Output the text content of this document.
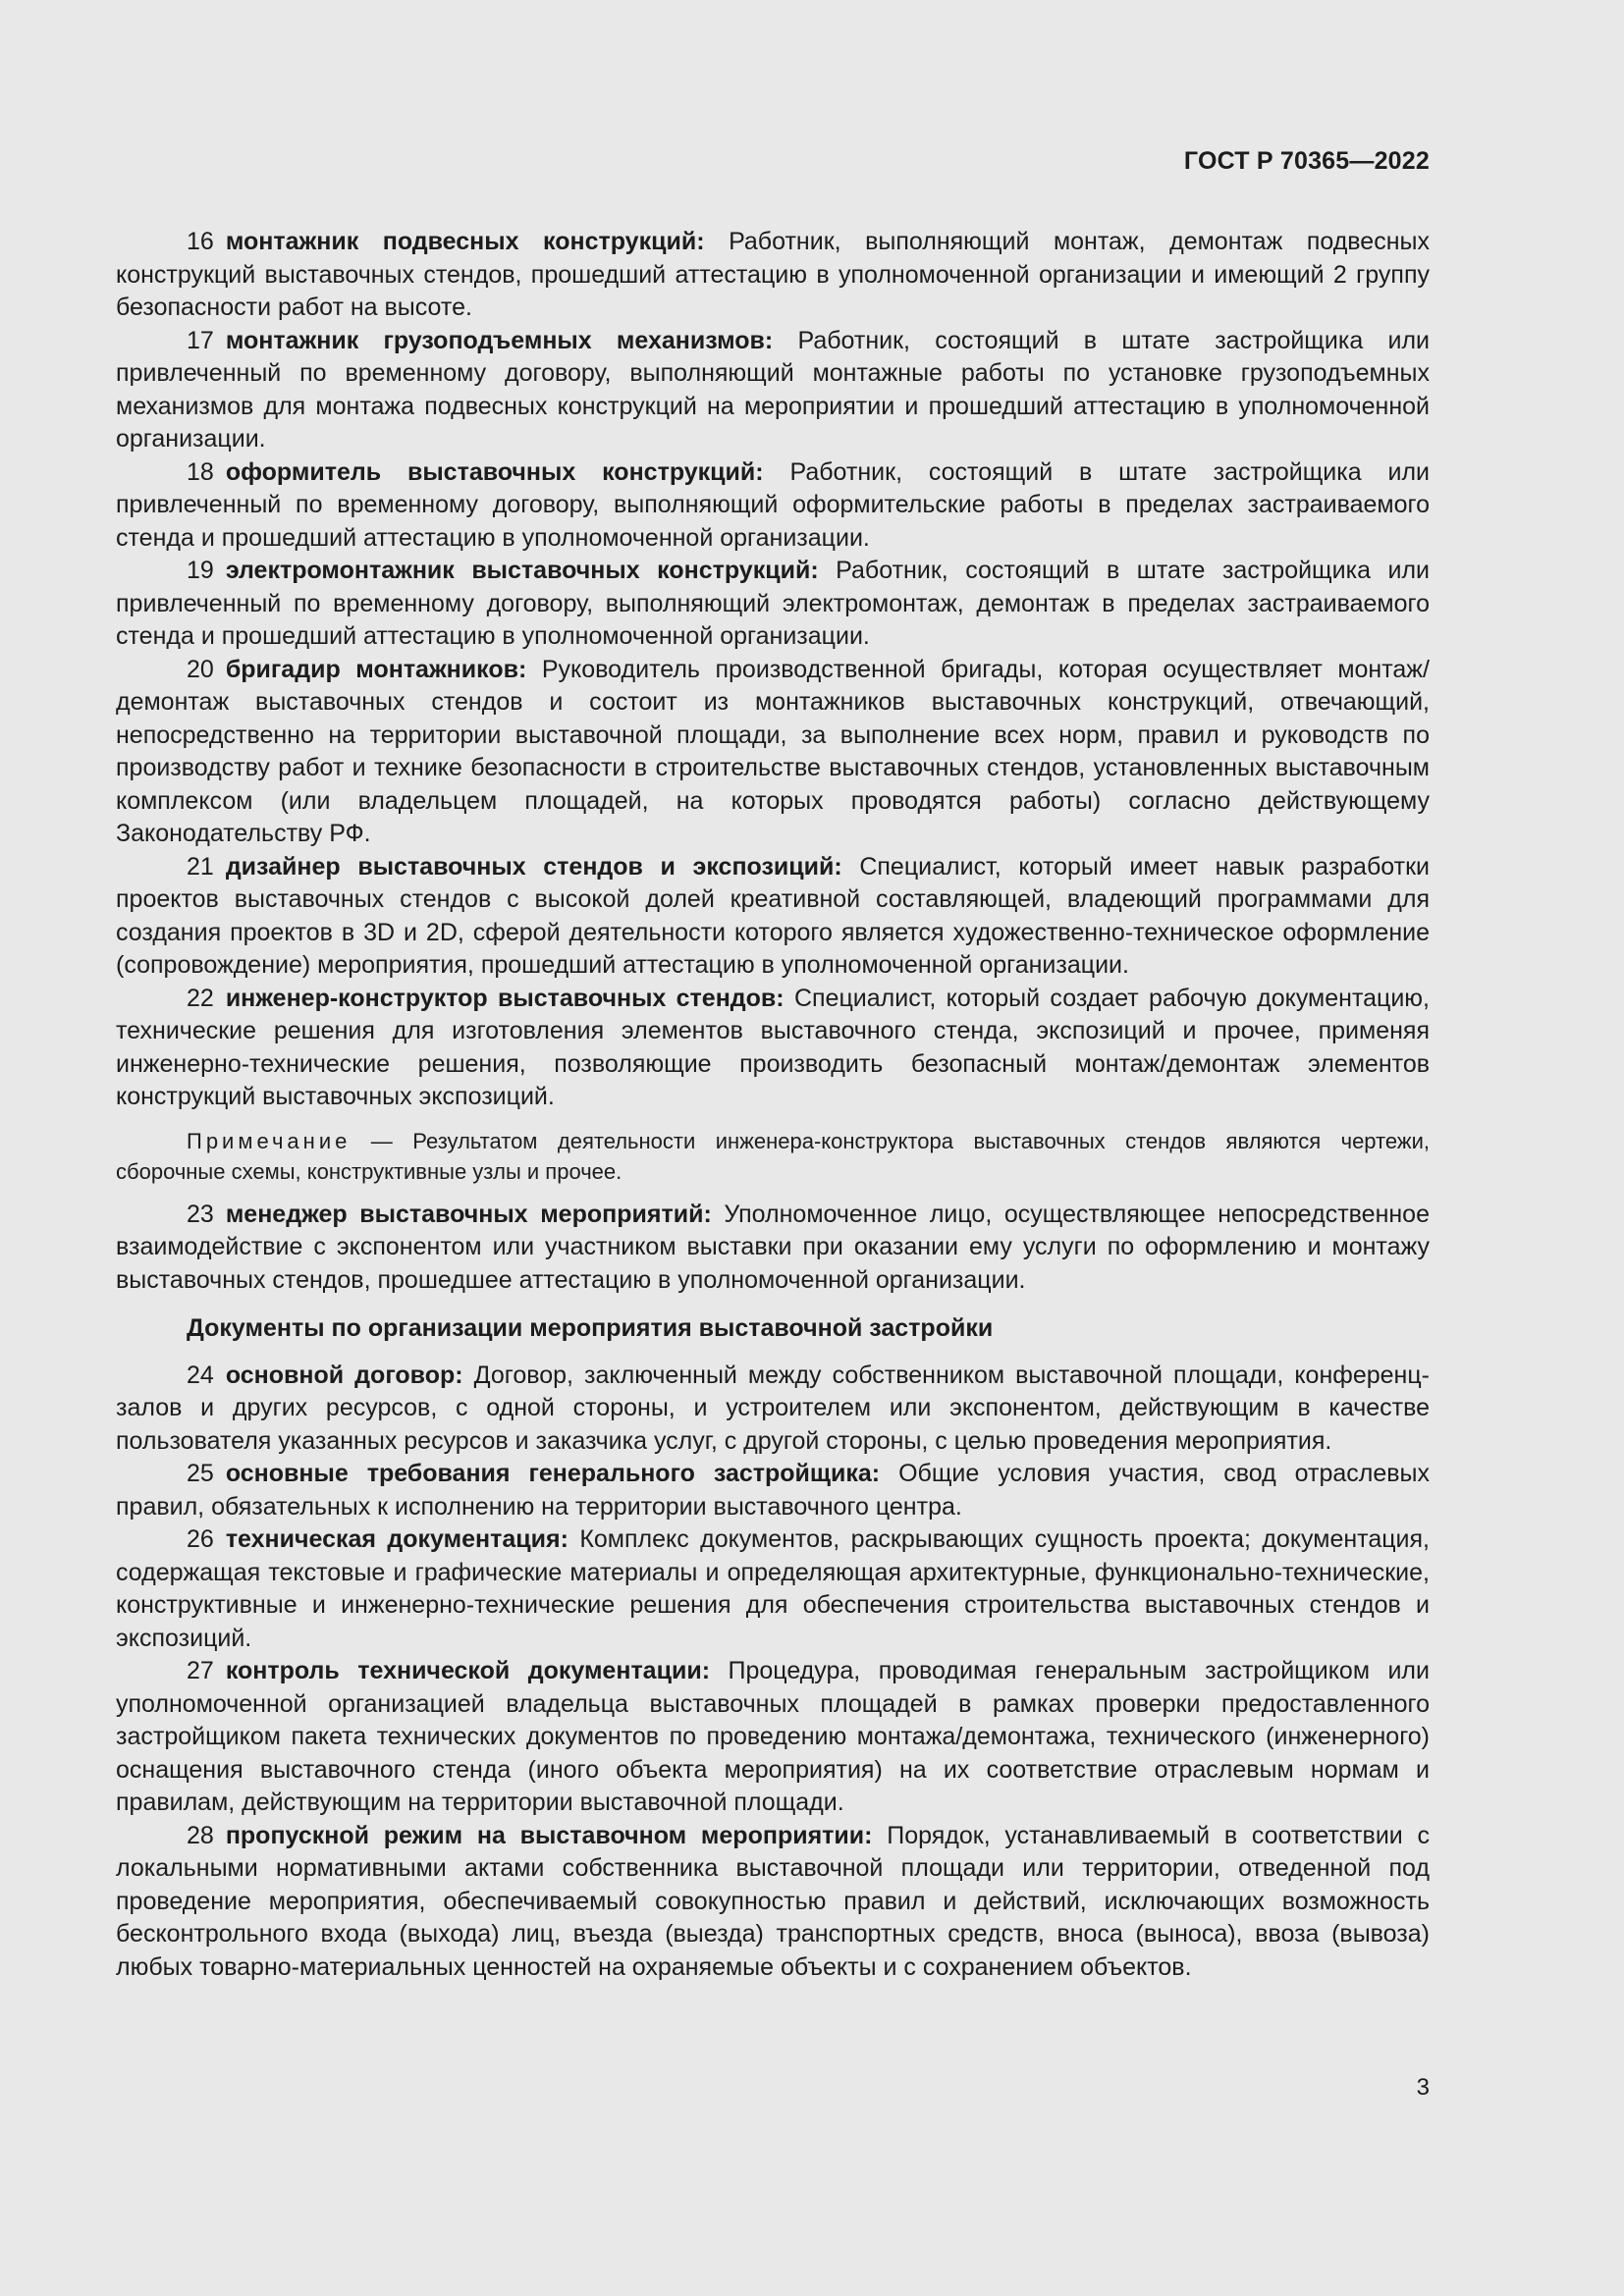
ГОСТ Р 70365—2022

16 монтажник подвесных конструкций: Работник, выполняющий монтаж, демонтаж подвесных конструкций выставочных стендов, прошедший аттестацию в уполномоченной организации и имеющий 2 группу безопасности работ на высоте.

17 монтажник грузоподъемных механизмов: Работник, состоящий в штате застройщика или привлеченный по временному договору, выполняющий монтажные работы по установке грузоподъемных механизмов для монтажа подвесных конструкций на мероприятии и прошедший аттестацию в уполномоченной организации.

18 оформитель выставочных конструкций: Работник, состоящий в штате застройщика или привлеченный по временному договору, выполняющий оформительские работы в пределах застраиваемого стенда и прошедший аттестацию в уполномоченной организации.

19 электромонтажник выставочных конструкций: Работник, состоящий в штате застройщика или привлеченный по временному договору, выполняющий электромонтаж, демонтаж в пределах застраиваемого стенда и прошедший аттестацию в уполномоченной организации.

20 бригадир монтажников: Руководитель производственной бригады, которая осуществляет монтаж/демонтаж выставочных стендов и состоит из монтажников выставочных конструкций, отвечающий, непосредственно на территории выставочной площади, за выполнение всех норм, правил и руководств по производству работ и технике безопасности в строительстве выставочных стендов, установленных выставочным комплексом (или владельцем площадей, на которых проводятся работы) согласно действующему Законодательству РФ.

21 дизайнер выставочных стендов и экспозиций: Специалист, который имеет навык разработки проектов выставочных стендов с высокой долей креативной составляющей, владеющий программами для создания проектов в 3D и 2D, сферой деятельности которого является художественно-техническое оформление (сопровождение) мероприятия, прошедший аттестацию в уполномоченной организации.

22 инженер-конструктор выставочных стендов: Специалист, который создает рабочую документацию, технические решения для изготовления элементов выставочного стенда, экспозиций и прочее, применяя инженерно-технические решения, позволяющие производить безопасный монтаж/демонтаж элементов конструкций выставочных экспозиций.

Примечание — Результатом деятельности инженера-конструктора выставочных стендов являются чертежи, сборочные схемы, конструктивные узлы и прочее.

23 менеджер выставочных мероприятий: Уполномоченное лицо, осуществляющее непосредственное взаимодействие с экспонентом или участником выставки при оказании ему услуги по оформлению и монтажу выставочных стендов, прошедшее аттестацию в уполномоченной организации.

Документы по организации мероприятия выставочной застройки

24 основной договор: Договор, заключенный между собственником выставочной площади, конференц-залов и других ресурсов, с одной стороны, и устроителем или экспонентом, действующим в качестве пользователя указанных ресурсов и заказчика услуг, с другой стороны, с целью проведения мероприятия.

25 основные требования генерального застройщика: Общие условия участия, свод отраслевых правил, обязательных к исполнению на территории выставочного центра.

26 техническая документация: Комплекс документов, раскрывающих сущность проекта; документация, содержащая текстовые и графические материалы и определяющая архитектурные, функционально-технические, конструктивные и инженерно-технические решения для обеспечения строительства выставочных стендов и экспозиций.

27 контроль технической документации: Процедура, проводимая генеральным застройщиком или уполномоченной организацией владельца выставочных площадей в рамках проверки предоставленного застройщиком пакета технических документов по проведению монтажа/демонтажа, технического (инженерного) оснащения выставочного стенда (иного объекта мероприятия) на их соответствие отраслевым нормам и правилам, действующим на территории выставочной площади.

28 пропускной режим на выставочном мероприятии: Порядок, устанавливаемый в соответствии с локальными нормативными актами собственника выставочной площади или территории, отведенной под проведение мероприятия, обеспечиваемый совокупностью правил и действий, исключающих возможность бесконтрольного входа (выхода) лиц, въезда (выезда) транспортных средств, вноса (выноса), ввоза (вывоза) любых товарно-материальных ценностей на охраняемые объекты и с сохранением объектов.

3
